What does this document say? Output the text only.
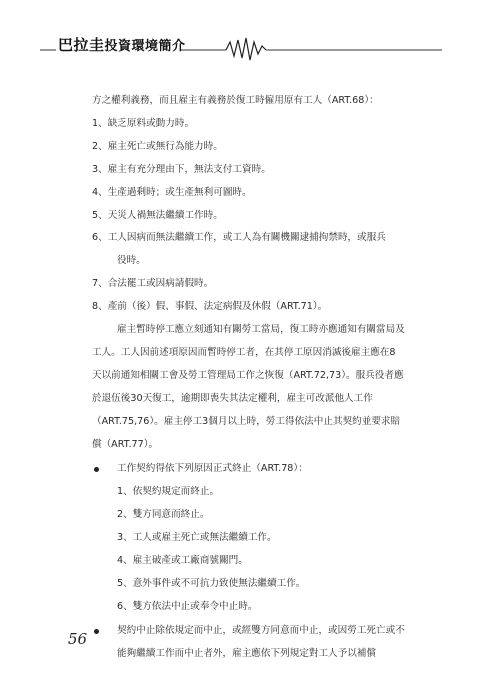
巴拉圭投資環境簡介
方之權利義務，而且雇主有義務於復工時僱用原有工人（ART.68）：
1、缺乏原料或動力時。
2、雇主死亡或無行為能力時。
3、雇主有充分理由下，無法支付工資時。
4、生產過剩時；或生產無利可圖時。
5、天災人禍無法繼續工作時。
6、工人因病而無法繼續工作，或工人為有關機關逮捕拘禁時，或服兵
役時。
7、合法罷工或因病請假時。
8、產前（後）假、事假、法定病假及休假（ART.71）。
雇主暫時停工應立刻通知有關勞工當局，復工時亦應通知有關當局及
工人。工人因前述項原因而暫時停工者，在其停工原因消滅後雇主應在8
天以前通知相關工會及勞工管理局工作之恢復（ART.72,73）。服兵役者應
於退伍後30天復工，逾期即喪失其法定權利，雇主可改派他人工作
（ART.75,76）。雇主停工3個月以上時，勞工得依法中止其契約並要求賠
償（ART.77）。
工作契約得依下列原因正式終止（ART.78）：
1、依契約規定而終止。
2、雙方同意而終止。
3、工人或雇主死亡或無法繼續工作。
4、雇主破產或工廠商號關門。
5、意外事件或不可抗力致使無法繼續工作。
6、雙方依法中止或奉令中止時。
契約中止除依規定而中止，或經雙方同意而中止，或因勞工死亡或不
能夠繼續工作而中止者外，雇主應依下列規定對工人予以補償
56
